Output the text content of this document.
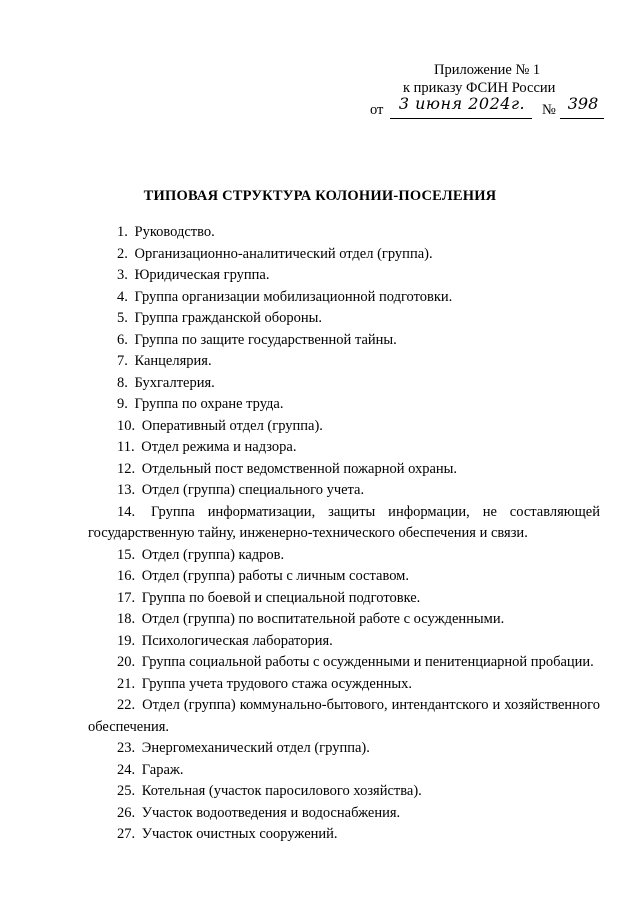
Приложение № 1
к приказу ФСИН России
от 3 июня 2024г.	№ 398
ТИПОВАЯ СТРУКТУРА КОЛОНИИ-ПОСЕЛЕНИЯ
1. Руководство.
2. Организационно-аналитический отдел (группа).
3. Юридическая группа.
4. Группа организации мобилизационной подготовки.
5. Группа гражданской обороны.
6. Группа по защите государственной тайны.
7. Канцелярия.
8. Бухгалтерия.
9. Группа по охране труда.
10. Оперативный отдел (группа).
11. Отдел режима и надзора.
12. Отдельный пост ведомственной пожарной охраны.
13. Отдел (группа) специального учета.
14. Группа информатизации, защиты информации, не составляющей государственную тайну, инженерно-технического обеспечения и связи.
15. Отдел (группа) кадров.
16. Отдел (группа) работы с личным составом.
17. Группа по боевой и специальной подготовке.
18. Отдел (группа) по воспитательной работе с осужденными.
19. Психологическая лаборатория.
20. Группа социальной работы с осужденными и пенитенциарной пробации.
21. Группа учета трудового стажа осужденных.
22. Отдел (группа) коммунально-бытового, интендантского и хозяйственного обеспечения.
23. Энергомеханический отдел (группа).
24. Гараж.
25. Котельная (участок паросилового хозяйства).
26. Участок водоотведения и водоснабжения.
27. Участок очистных сооружений.
